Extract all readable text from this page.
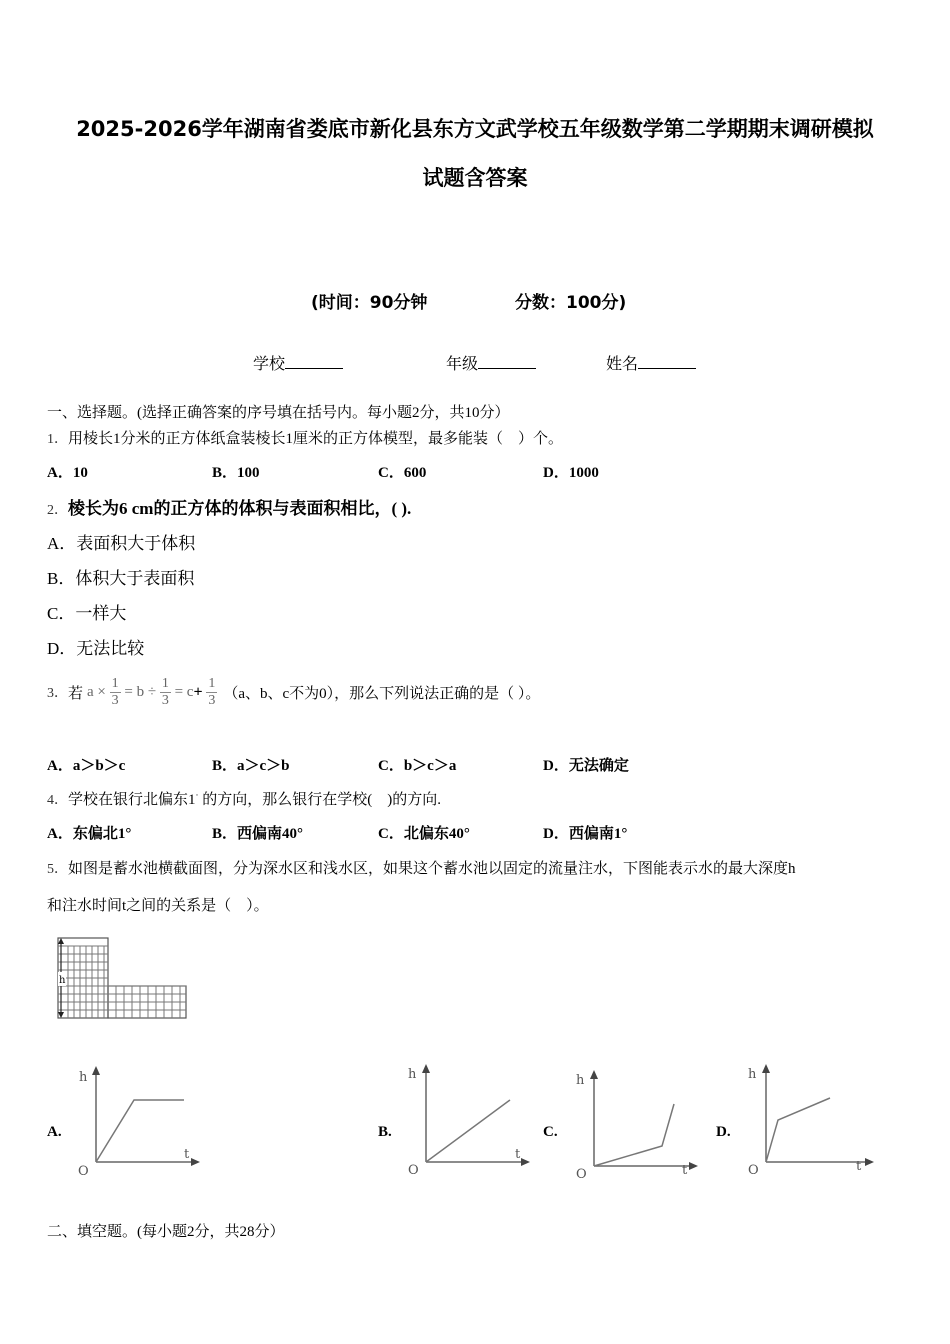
2025-2026学年湖南省娄底市新化县东方文武学校五年级数学第二学期期末调研模拟
试题含答案
(时间：90分钟	分数：100分)
学校	年级	姓名
一、选择题。(选择正确答案的序号填在括号内。每小题2分，共10分）
1．用棱长1分米的正方体纸盒装棱长1厘米的正方体模型，最多能装（　）个。
A．10	B．100	C．600	D．1000
2．棱长为6 cm的正方体的体积与表面积相比，( ).
A．表面积大于体积
B．体积大于表面积
C．一样大
D．无法比较
3． 若 $a \times \frac{1}{3} = b \div \frac{1}{3} = c+ \frac{1}{3} (a$、b、c不为0），那么下列说法正确的是（ ）。
A．a＞b＞c	B．a＞c＞b	C．b＞c＞a	D．无法确定
4．学校在银行北偏东1· 的方向，那么银行在学校(　)的方向.
A．东偏北1°	B．西偏南40°	C．北偏东40°	D．西偏南1°
5．如图是蓄水池横截面图，分为深水区和浅水区，如果这个蓄水池以固定的流量注水，下图能表示水的最大深度h
和注水时间t之间的关系是（　）。
h
A.
h
t
O
B.
h
t
O
C.
h
t
O
D.
h
t
O
二、填空题。(每小题2分，共28分）
